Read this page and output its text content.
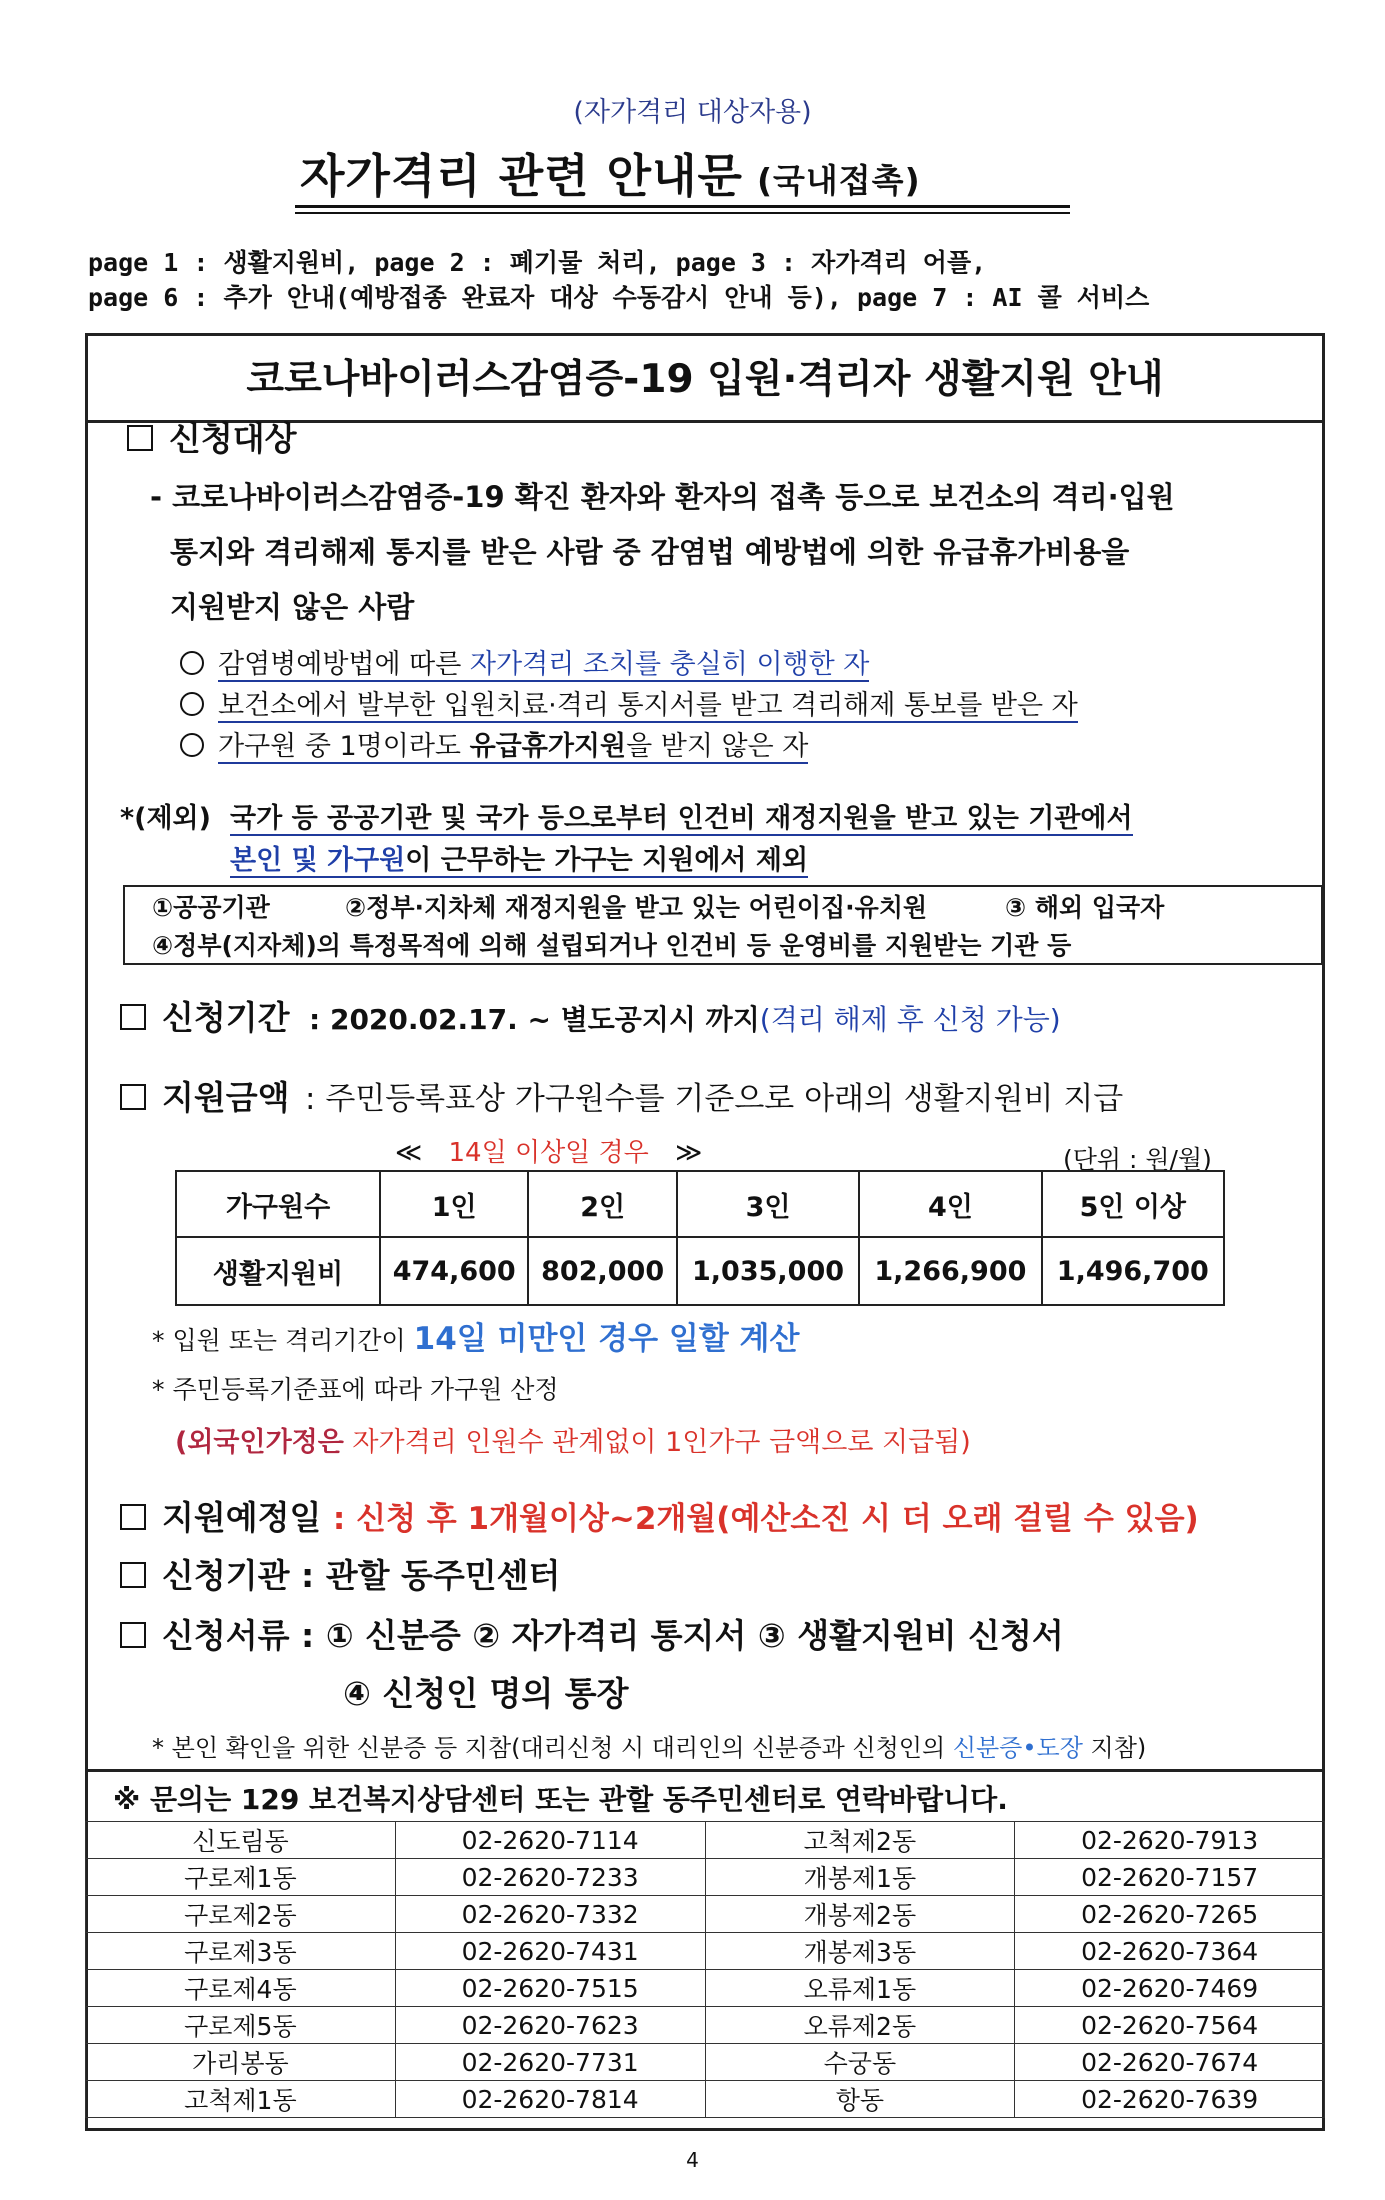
(자가격리 대상자용)
자가격리 관련 안내문 (국내접촉)
page 1 : 생활지원비, page 2 : 폐기물 처리, page 3 : 자가격리 어플,
page 6 : 추가 안내(예방접종 완료자 대상 수동감시 안내 등), page 7 : AI 콜 서비스
코로나바이러스감염증-19 입원·격리자 생활지원 안내
신청대상
- 코로나바이러스감염증-19 확진 환자와 환자의 접촉 등으로 보건소의 격리·입원
통지와 격리해제 통지를 받은 사람 중 감염법 예방법에 의한 유급휴가비용을
지원받지 않은 사람
감염병예방법에 따른 자가격리 조치를 충실히 이행한 자
보건소에서 발부한 입원치료·격리 통지서를 받고 격리해제 통보를 받은 자
가구원 중 1명이라도 유급휴가지원을 받지 않은 자
*(제외) 국가 등 공공기관 및 국가 등으로부터 인건비 재정지원을 받고 있는 기관에서
본인 및 가구원이 근무하는 가구는 지원에서 제외
①공공기관	②정부·지차체 재정지원을 받고 있는 어린이집·유치원	③ 해외 입국자
④정부(지자체)의 특정목적에 의해 설립되거나 인건비 등 운영비를 지원받는 기관 등
신청기간 : 2020.02.17. ~ 별도공지시 까지(격리 해제 후 신청 가능)
지원금액 : 주민등록표상 가구원수를 기준으로 아래의 생활지원비 지급
≪ 14일 이상일 경우 ≫	(단위 : 원/월)
가구원수	1인	2인	3인	4인	5인 이상
생활지원비	474,600	802,000	1,035,000	1,266,900	1,496,700
* 입원 또는 격리기간이 14일 미만인 경우 일할 계산
* 주민등록기준표에 따라 가구원 산정
(외국인가정은 자가격리 인원수 관계없이 1인가구 금액으로 지급됨)
지원예정일 : 신청 후 1개월이상~2개월(예산소진 시 더 오래 걸릴 수 있음)
신청기관 : 관할 동주민센터
신청서류 : ① 신분증 ② 자가격리 통지서 ③ 생활지원비 신청서
④ 신청인 명의 통장
* 본인 확인을 위한 신분증 등 지참(대리신청 시 대리인의 신분증과 신청인의 신분증•도장 지참)
※ 문의는 129 보건복지상담센터 또는 관할 동주민센터로 연락바랍니다.
신도림동	02-2620-7114	고척제2동	02-2620-7913
구로제1동	02-2620-7233	개봉제1동	02-2620-7157
구로제2동	02-2620-7332	개봉제2동	02-2620-7265
구로제3동	02-2620-7431	개봉제3동	02-2620-7364
구로제4동	02-2620-7515	오류제1동	02-2620-7469
구로제5동	02-2620-7623	오류제2동	02-2620-7564
가리봉동	02-2620-7731	수궁동	02-2620-7674
고척제1동	02-2620-7814	항동	02-2620-7639
4
